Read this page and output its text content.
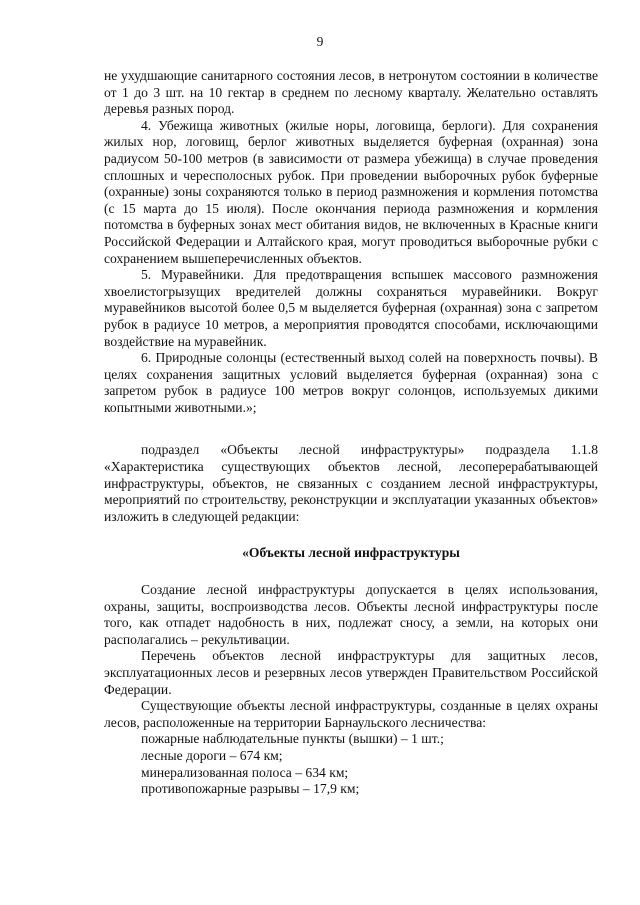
9

не ухудшающие санитарного состояния лесов, в нетронутом состоянии в количестве от 1 до 3 шт. на 10 гектар в среднем по лесному кварталу. Желательно оставлять деревья разных пород.

4. Убежища животных (жилые норы, логовища, берлоги). Для сохранения жилых нор, логовищ, берлог животных выделяется буферная (охранная) зона радиусом 50-100 метров (в зависимости от размера убежища) в случае проведения сплошных и чересполосных рубок. При проведении выборочных рубок буферные (охранные) зоны сохраняются только в период размножения и кормления потомства (с 15 марта до 15 июля). После окончания периода размножения и кормления потомства в буферных зонах мест обитания видов, не включенных в Красные книги Российской Федерации и Алтайского края, могут проводиться выборочные рубки с сохранением вышеперечисленных объектов.

5. Муравейники. Для предотвращения вспышек массового размножения хвоелистогрызущих вредителей должны сохраняться муравейники. Вокруг муравейников высотой более 0,5 м выделяется буферная (охранная) зона с запретом рубок в радиусе 10 метров, а мероприятия проводятся способами, исключающими воздействие на муравейник.

6. Природные солонцы (естественный выход солей на поверхность почвы). В целях сохранения защитных условий выделяется буферная (охранная) зона с запретом рубок в радиусе 100 метров вокруг солонцов, используемых дикими копытными животными.»;

подраздел «Объекты лесной инфраструктуры» подраздела 1.1.8 «Характеристика существующих объектов лесной, лесоперерабатывающей инфраструктуры, объектов, не связанных с созданием лесной инфраструктуры, мероприятий по строительству, реконструкции и эксплуатации указанных объектов» изложить в следующей редакции:

«Объекты лесной инфраструктуры

Создание лесной инфраструктуры допускается в целях использования, охраны, защиты, воспроизводства лесов. Объекты лесной инфраструктуры после того, как отпадет надобность в них, подлежат сносу, а земли, на которых они располагались – рекультивации.

Перечень объектов лесной инфраструктуры для защитных лесов, эксплуатационных лесов и резервных лесов утвержден Правительством Российской Федерации.

Существующие объекты лесной инфраструктуры, созданные в целях охраны лесов, расположенные на территории Барнаульского лесничества:

пожарные наблюдательные пункты (вышки) – 1 шт.;

лесные дороги – 674 км;

минерализованная полоса – 634 км;

противопожарные разрывы – 17,9 км;
